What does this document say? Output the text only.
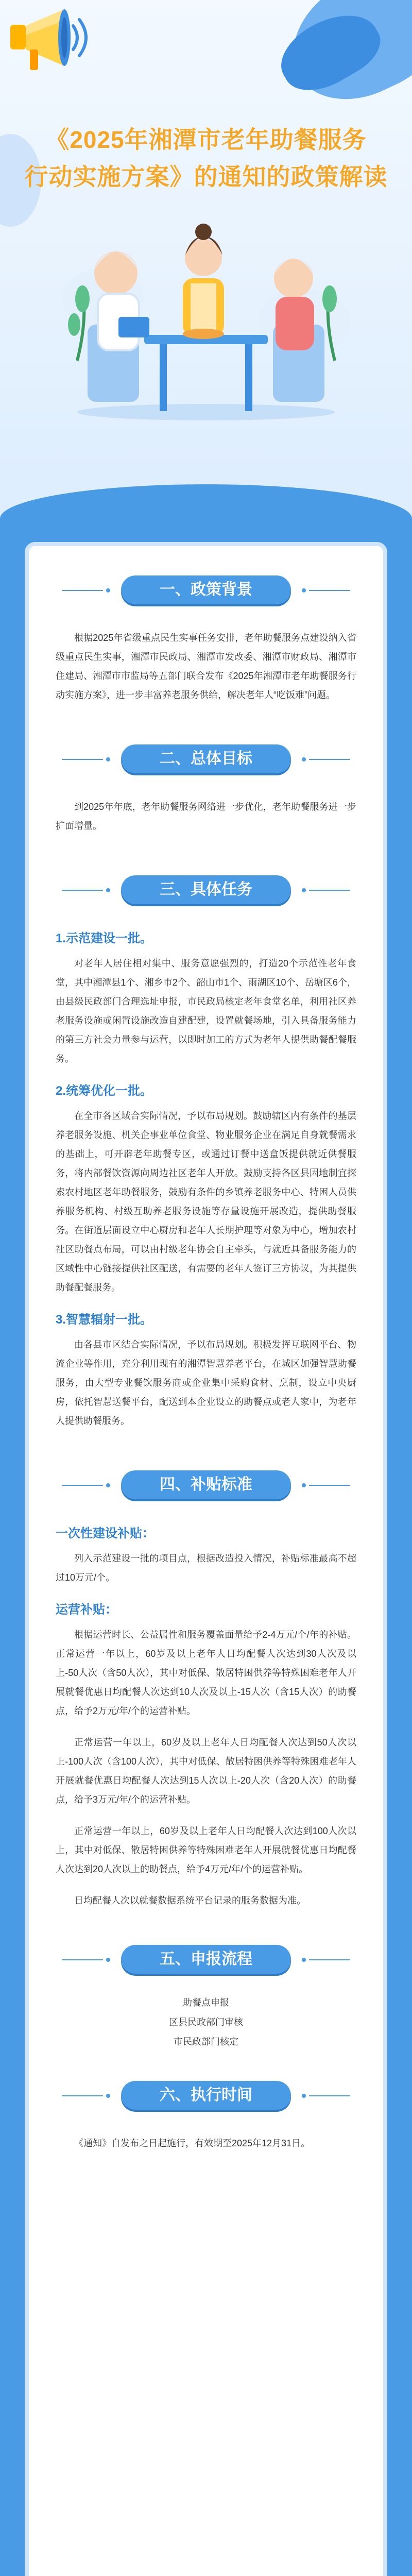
《2025年湘潭市老年助餐服务
行动实施方案》的通知的政策解读
一、政策背景

根据2025年省级重点民生实事任务安排，老年助餐服务点建设纳入省级重点民生实事，湘潭市民政局、湘潭市发改委、湘潭市财政局、湘潭市住建局、湘潭市市监局等五部门联合发布《2025年湘潭市老年助餐服务行动实施方案》，进一步丰富养老服务供给，解决老年人“吃饭难”问题。

二、总体目标

到2025年年底，老年助餐服务网络进一步优化，老年助餐服务进一步扩面增量。

三、具体任务
1.示范建设一批。

对老年人居住相对集中、服务意愿强烈的，打造20个示范性老年食堂，其中湘潭县1个、湘乡市2个、韶山市1个、雨湖区10个、岳塘区6个，由县级民政部门合理选址申报，市民政局核定老年食堂名单，利用社区养老服务设施或闲置设施改造自建配建，设置就餐场地，引入具备服务能力的第三方社会力量参与运营，以即时加工的方式为老年人提供助餐配餐服务。

2.统筹优化一批。

在全市各区域合实际情况，予以布局规划。鼓励辖区内有条件的基层养老服务设施、机关企事业单位食堂、物业服务企业在满足自身就餐需求的基础上，可开辟老年助餐专区，或通过订餐中送盒饭提供就近供餐服务，将内部餐饮资源向周边社区老年人开放。鼓励支持各区县因地制宜探索农村地区老年助餐服务，鼓励有条件的乡镇养老服务中心、特困人员供养服务机构、村级互助养老服务设施等存量设施开展改造，提供助餐服务。在街道层面设立中心厨房和老年人长期护理等对象为中心，增加农村社区助餐点布局，可以由村级老年协会自主牵头，与就近具备服务能力的区域性中心链接提供社区配送，有需要的老年人签订三方协议，为其提供助餐配餐服务。

3.智慧辐射一批。

由各县市区结合实际情况，予以布局规划。积极发挥互联网平台、物流企业等作用，充分利用现有的湘潭智慧养老平台，在城区加强智慧助餐服务，由大型专业餐饮服务商或企业集中采购食材、烹制，设立中央厨房，依托智慧送餐平台，配送到本企业设立的助餐点或老人家中，为老年人提供助餐服务。

四、补贴标准
一次性建设补贴：

列入示范建设一批的项目点，根据改造投入情况，补贴标准最高不超过10万元/个。

运营补贴：

根据运营时长、公益属性和服务覆盖面量给予2-4万元/个/年的补贴。正常运营一年以上，60岁及以上老年人日均配餐人次达到30人次及以上-50人次（含50人次），其中对低保、散居特困供养等特殊困难老年人开展就餐优惠日均配餐人次达到10人次及以上-15人次（含15人次）的助餐点，给予2万元/年/个的运营补贴。

正常运营一年以上，60岁及以上老年人日均配餐人次达到50人次以上-100人次（含100人次），其中对低保、散居特困供养等特殊困难老年人开展就餐优惠日均配餐人次达到15人次以上-20人次（含20人次）的助餐点，给予3万元/年/个的运营补贴。

正常运营一年以上，60岁及以上老年人日均配餐人次达到100人次以上，其中对低保、散居特困供养等特殊困难老年人开展就餐优惠日均配餐人次达到20人次以上的助餐点，给予4万元/年/个的运营补贴。

日均配餐人次以就餐数据系统平台记录的服务数据为准。

五、申报流程
助餐点申报
区县民政部门审核
市民政部门核定
六、执行时间

《通知》自发布之日起施行，有效期至2025年12月31日。
